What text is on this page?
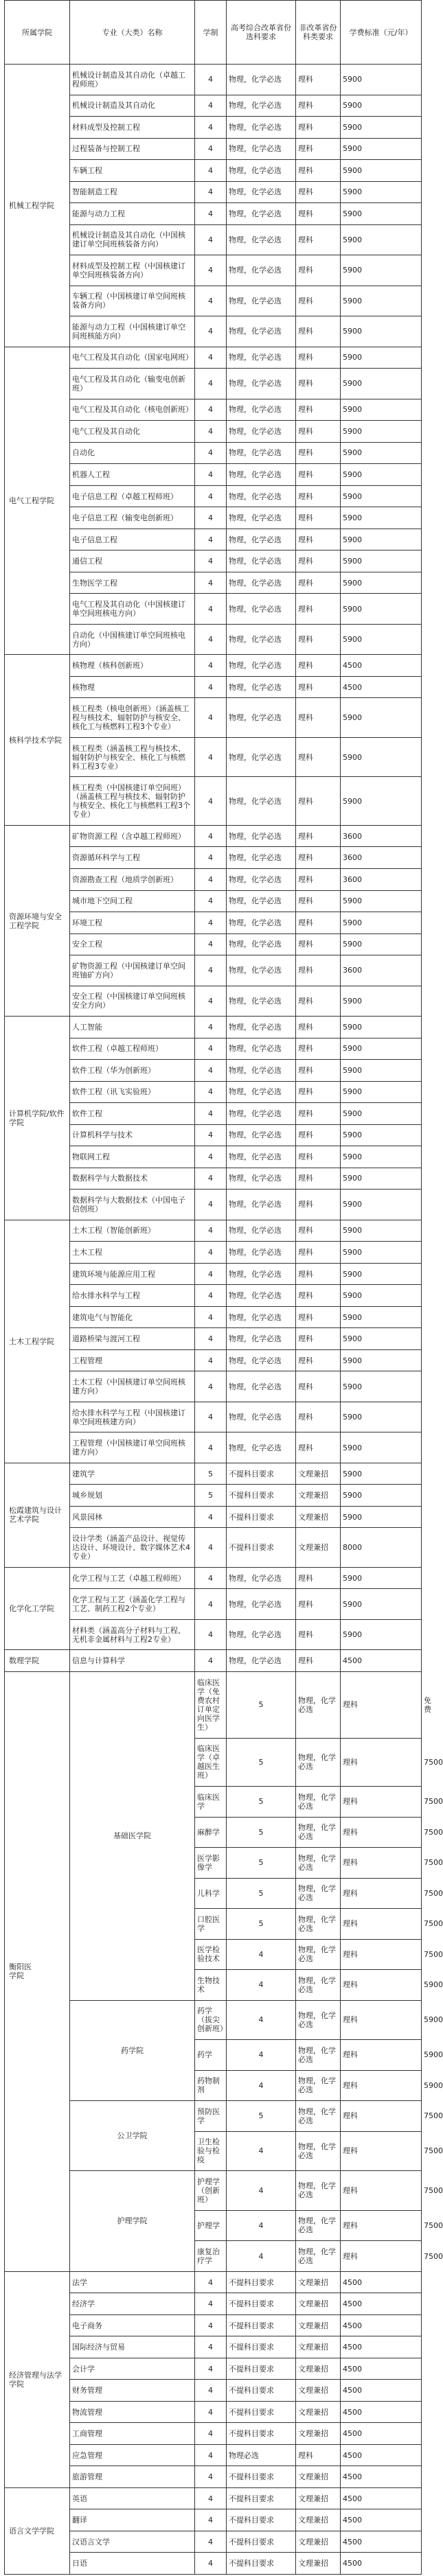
所属学院	专业（大类）名称	学制	高考综合改革省份选科要求	非改革省份科类要求	学费标准（元/年）	
机械工程学院	机械设计制造及其自动化（卓越工程师班）	4	物理，化学必选	理科	5900	
	机械设计制造及其自动化	4	物理，化学必选	理科	5900	
	材料成型及控制工程	4	物理，化学必选	理科	5900	
	过程装备与控制工程	4	物理，化学必选	理科	5900	
	车辆工程	4	物理，化学必选	理科	5900	
	智能制造工程	4	物理，化学必选	理科	5900	
	能源与动力工程	4	物理，化学必选	理科	5900	
	机械设计制造及其自动化（中国核建订单空间班核装备方向）	4	物理，化学必选	理科	5900	
	材料成型及控制工程（中国核建订单空间班核装备方向）	4	物理，化学必选	理科	5900	
	车辆工程（中国核建订单空间班核装备方向）	4	物理，化学必选	理科	5900	
	能源与动力工程（中国核建订单空间班核能方向）	4	物理，化学必选	理科	5900	
电气工程学院	电气工程及其自动化（国家电网班）	4	物理，化学必选	理科	5900	
	电气工程及其自动化（输变电创新班）	4	物理，化学必选	理科	5900	
	电气工程及其自动化（核电创新班）	4	物理，化学必选	理科	5900	
	电气工程及其自动化	4	物理，化学必选	理科	5900	
	自动化	4	物理，化学必选	理科	5900	
	机器人工程	4	物理，化学必选	理科	5900	
	电子信息工程（卓越工程师班）	4	物理，化学必选	理科	5900	
	电子信息工程（输变电创新班）	4	物理，化学必选	理科	5900	
	电子信息工程	4	物理，化学必选	理科	5900	
	通信工程	4	物理，化学必选	理科	5900	
	生物医学工程	4	物理，化学必选	理科	5900	
	电气工程及其自动化（中国核建订单空间班核电方向）	4	物理，化学必选	理科	5900	
	自动化（中国核建订单空间班核电方向）	4	物理，化学必选	理科	5900	
核科学技术学院	核物理（核科创新班）	4	物理，化学必选	理科	4500	
	核物理	4	物理，化学必选	理科	4500	
	核工程类（核电创新班）（涵盖核工程与核技术、辐射防护与核安全、核化工与核燃料工程3个专业）	4	物理，化学必选	理科	5900	
	核工程类（涵盖核工程与核技术、辐射防护与核安全、核化工与核燃料工程3专业）	4	物理，化学必选	理科	5900	
	核工程类（中国核建订单空间班）（涵盖核工程与核技术、辐射防护与核安全、核化工与核燃料工程3个专业）	4	物理，化学必选	理科	5900	
资源环境与安全工程学院	矿物资源工程（含卓越工程师班）	4	物理，化学必选	理科	3600	
	资源循环科学与工程	4	物理，化学必选	理科	3600	
	资源勘查工程（地质学创新班）	4	物理，化学必选	理科	3600	
	城市地下空间工程	4	物理，化学必选	理科	5900	
	环境工程	4	物理，化学必选	理科	5900	
	安全工程	4	物理，化学必选	理科	5900	
	矿物资源工程（中国核建订单空间班铀矿方向）	4	物理，化学必选	理科	3600	
	安全工程（中国核建订单空间班核安全方向）	4	物理，化学必选	理科	5900	
计算机学院/软件学院	人工智能	4	物理，化学必选	理科	5900	
	软件工程（卓越工程师班）	4	物理，化学必选	理科	5900	
	软件工程（华为创新班）	4	物理，化学必选	理科	5900	
	软件工程（讯飞实验班）	4	物理，化学必选	理科	5900	
	软件工程	4	物理，化学必选	理科	5900	
	计算机科学与技术	4	物理，化学必选	理科	5900	
	物联网工程	4	物理，化学必选	理科	5900	
	数据科学与大数据技术	4	物理，化学必选	理科	5900	
	数据科学与大数据技术（中国电子信创班）	4	物理，化学必选	理科	5900	
土木工程学院	土木工程（智能创新班）	4	物理，化学必选	理科	5900	
	土木工程	4	物理，化学必选	理科	5900	
	建筑环境与能源应用工程	4	物理，化学必选	理科	5900	
	给水排水科学与工程	4	物理，化学必选	理科	5900	
	建筑电气与智能化	4	物理，化学必选	理科	5900	
	道路桥梁与渡河工程	4	物理，化学必选	理科	5900	
	工程管理	4	物理，化学必选	理科	5900	
	土木工程（中国核建订单空间班核建方向）	4	物理，化学必选	理科	5900	
	给水排水科学与工程（中国核建订单空间班核建方向）	4	物理，化学必选	理科	5900	
	工程管理（中国核建订单空间班核建方向）	4	物理，化学必选	理科	5900	
松霞建筑与设计艺术学院	建筑学	5	不提科目要求	文理兼招	5900	
	城乡规划	5	不提科目要求	文理兼招	5900	
	风景园林	4	不提科目要求	文理兼招	5900	
	设计学类（涵盖产品设计、视觉传达设计、环境设计、数字媒体艺术4专业）	4	不提科目要求	文理兼招	8000	
化学化工学院	化学工程与工艺（卓越工程师班）	4	物理，化学必选	理科	5900	
	化学工程与工艺（涵盖化学工程与工艺、制药工程2个专业）	4	物理，化学必选	理科	5900	
	材料类（涵盖高分子材料与工程、无机非金属材料与工程2专业）	4	物理，化学必选	理科	5900	
数理学院	信息与计算科学	4	物理，化学必选	理科	4500	

衡阳医学院	基础医学院	临床医学（免费农村订单定向医学生）	5	物理，化学必选	理科	免费
		临床医学（卓越医生班）	5	物理，化学必选	理科	7500
		临床医学	5	物理，化学必选	理科	7500
		麻醉学	5	物理，化学必选	理科	7500
		医学影像学	5	物理，化学必选	理科	7500
		儿科学	5	物理，化学必选	理科	7500
		口腔医学	5	物理，化学必选	理科	7500
		医学检验技术	4	物理，化学必选	理科	7500
		生物技术	4	物理，化学必选	理科	5900
	药学院	药学（拔尖创新班）	4	物理，化学必选	理科	5900
		药学	4	物理，化学必选	理科	5900
		药物制剂	4	物理，化学必选	理科	5900
	公卫学院	预防医学	5	物理，化学必选	理科	7500
		卫生检验与检疫	4	物理，化学必选	理科	7500
	护理学院	护理学（创新班）	4	物理，化学必选	理科	7500
		护理学	4	物理，化学必选	理科	7500
		康复治疗学	4	物理，化学必选	理科	7500
经济管理与法学学院	法学	4	不提科目要求	文理兼招	4500	
	经济学	4	不提科目要求	文理兼招	4500	
	电子商务	4	不提科目要求	文理兼招	4500	
	国际经济与贸易	4	不提科目要求	文理兼招	4500	
	会计学	4	不提科目要求	文理兼招	4500	
	财务管理	4	不提科目要求	文理兼招	4500	
	物流管理	4	不提科目要求	文理兼招	4500	
	工商管理	4	不提科目要求	文理兼招	4500	
	应急管理	4	物理必选	理科	4500	
	旅游管理	4	不提科目要求	文理兼招	4500	
语言文学学院	英语	4	不提科目要求	文理兼招	4500	
	翻译	4	不提科目要求	文理兼招	4500	
	汉语言文学	4	不提科目要求	文理兼招	4500	
	日语	4	不提科目要求	文理兼招	4500	
